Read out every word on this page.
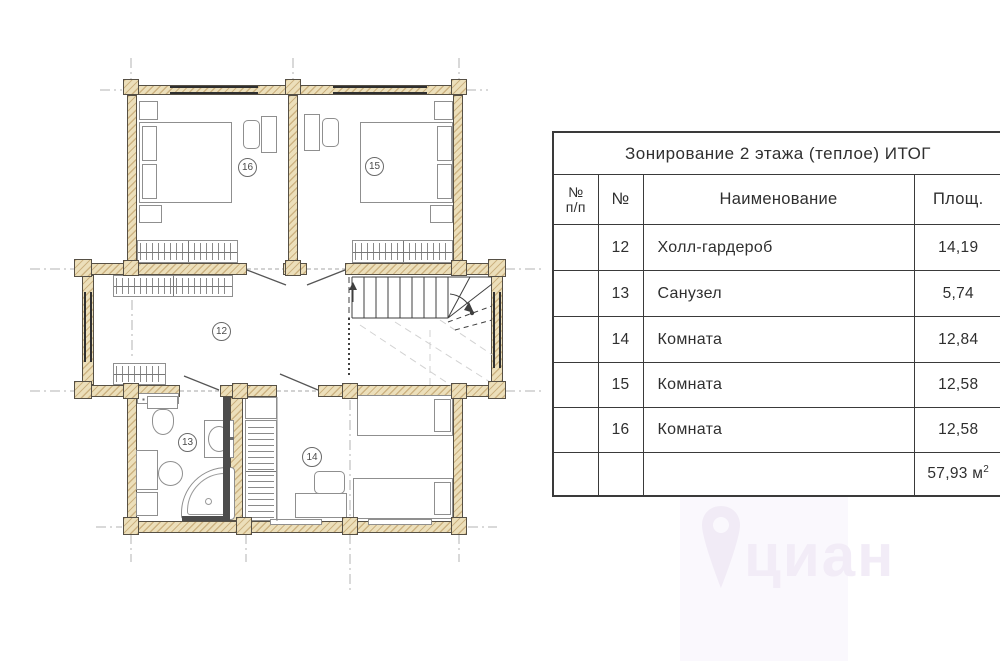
16	15
12
13
14
циан
Зонирование 2 этажа (теплое) ИТОГ			

№
п/п	№	Наименование	Площ.
	12	Холл-гардероб	14,19
	13	Санузел	5,74
	14	Комната	12,84
	15	Комната	12,58
	16	Комната	12,58
			57,93 $м^2$
